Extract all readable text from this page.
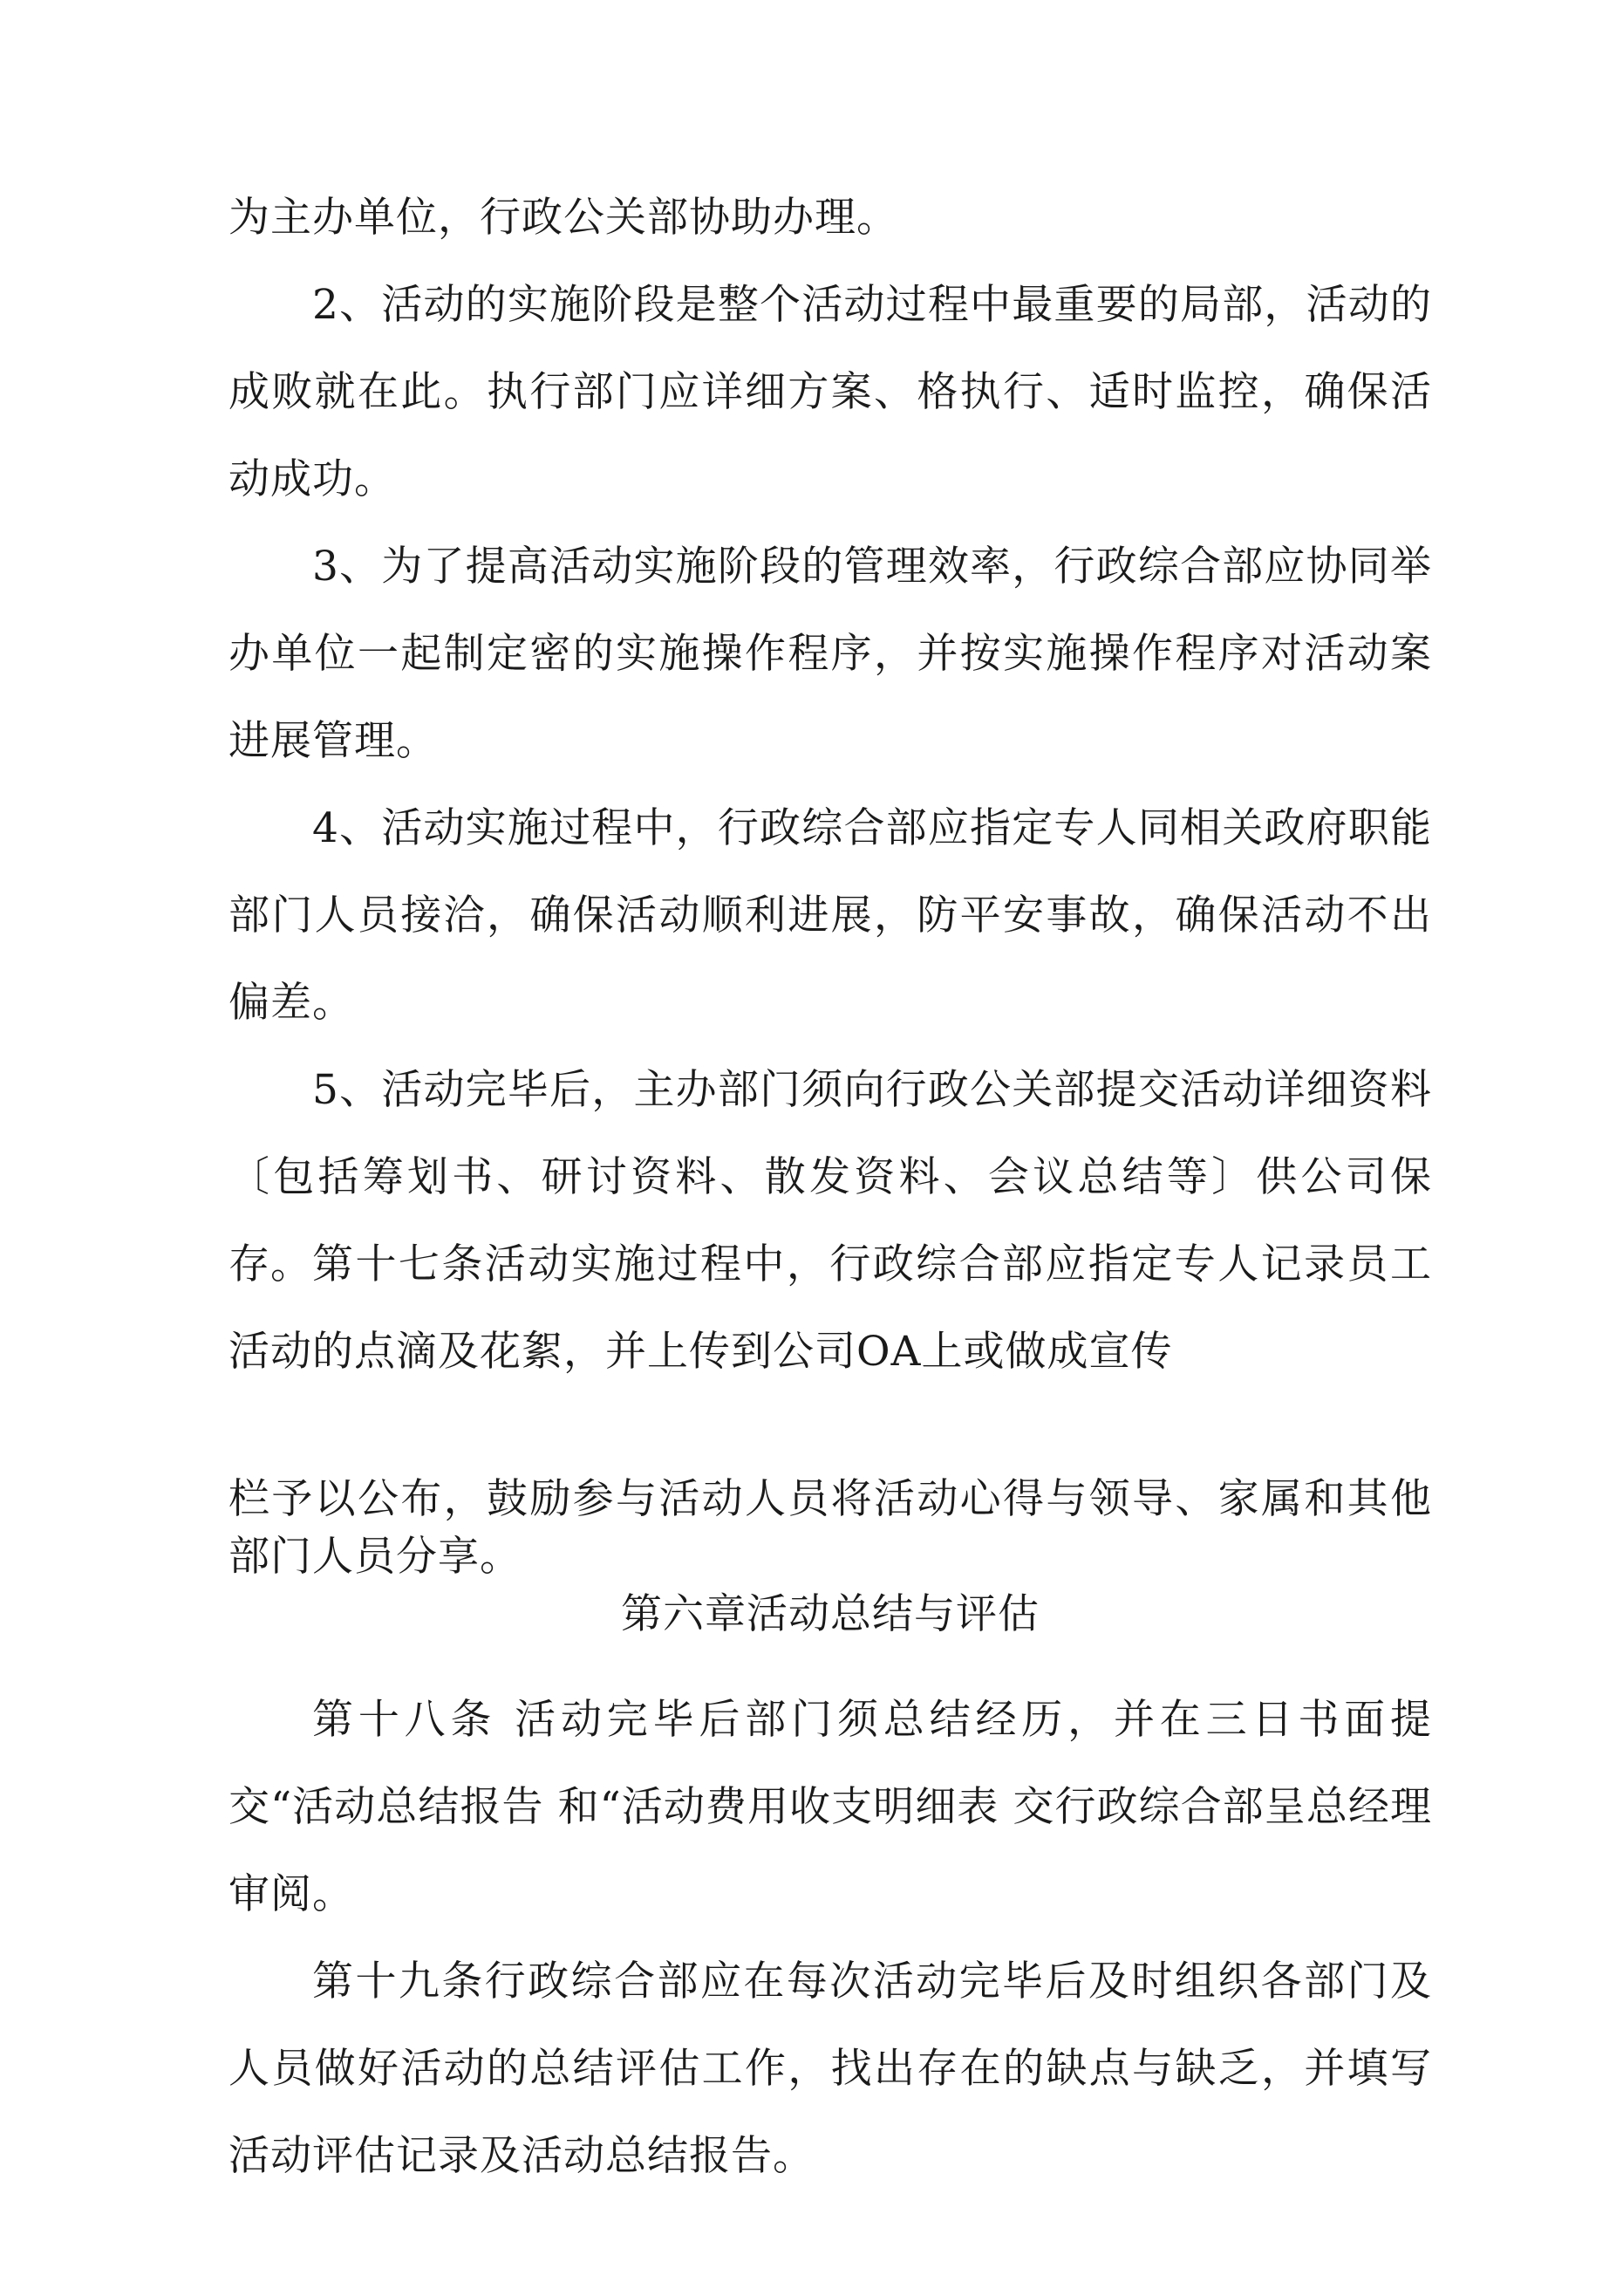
为主办单位，行政公关部协助办理。

2、活动的实施阶段是整个活动过程中最重要的局部，活动的成败就在此。执行部门应详细方案、格执行、适时监控，确保活动成功。

3、为了提高活动实施阶段的管理效率，行政综合部应协同举办单位一起制定密的实施操作程序，并按实施操作程序对活动案进展管理。

4、活动实施过程中，行政综合部应指定专人同相关政府职能部门人员接洽，确保活动顺利进展，防平安事故，确保活动不出偏差。

5、活动完毕后，主办部门须向行政公关部提交活动详细资料〔包括筹划书、研讨资料、散发资料、会议总结等〕供公司保存。 第十七条活动实施过程中，行政综合部应指定专人记录员工活动的点滴及花絮，并上传到公司OA上或做成宣传

栏予以公布，鼓励参与活动人员将活动心得与领导、家属和其他部门人员分享。

第六章活动总结与评估

第十八条 活动完毕后部门须总结经历，并在三日书面提交“活动总结报告 和“活动费用收支明细表 交行政综合部呈总经理审阅。

第十九条行政综合部应在每次活动完毕后及时组织各部门及人员做好活动的总结评估工作，找出存在的缺点与缺乏，并填写活动评估记录及活动总结报告。
